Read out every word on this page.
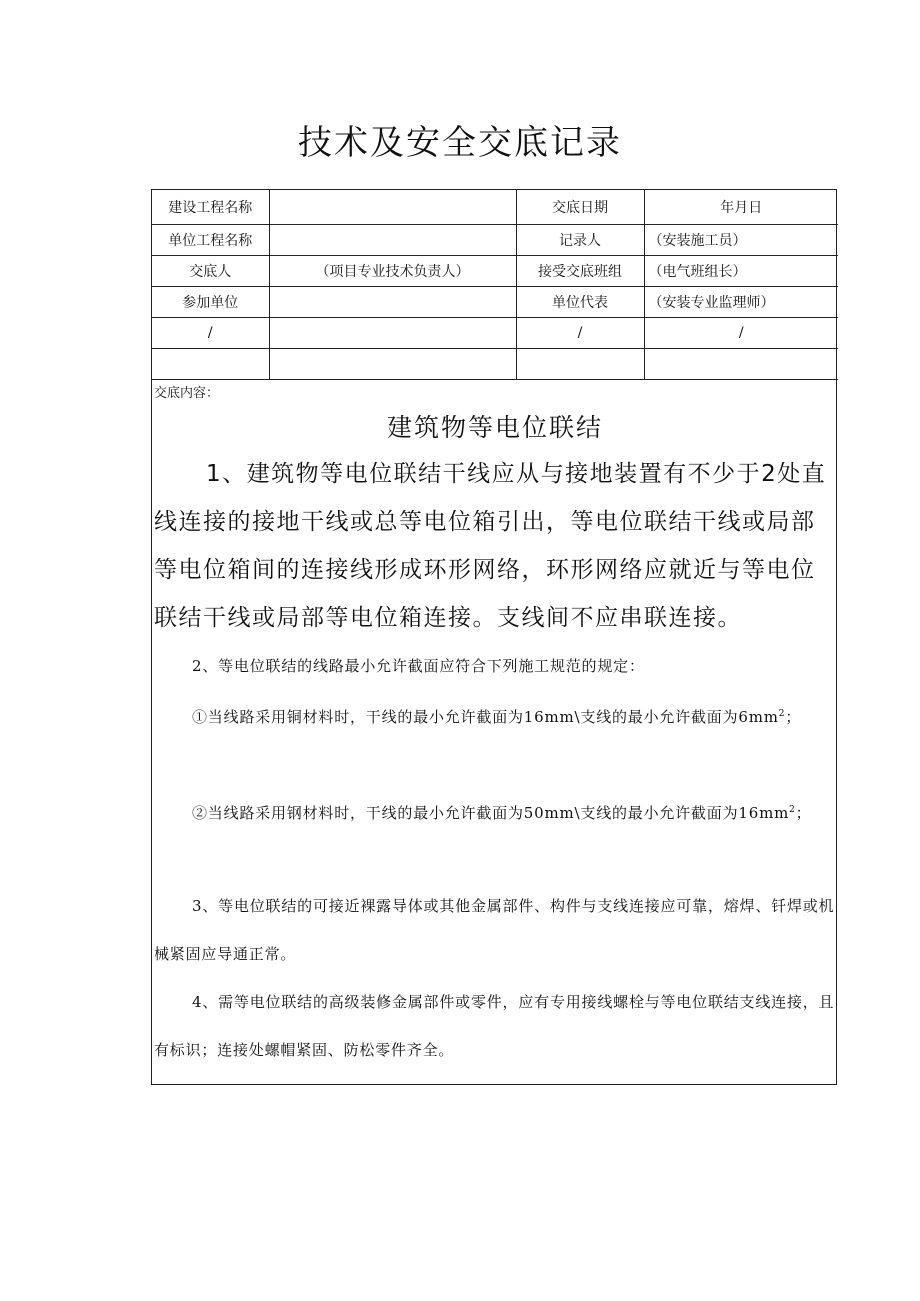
技术及安全交底记录
建设工程名称		交底日期	年月日
单位工程名称		记录人	（安装施工员）
交底人	（项目专业技术负责人）	接受交底班组	（电气班组长）
参加单位		单位代表	（安装专业监理师）
/		/	/

交底内容：
建筑物等电位联结

1、建筑物等电位联结干线应从与接地装置有不少于2处直线连接的接地干线或总等电位箱引出，等电位联结干线或局部等电位箱间的连接线形成环形网络，环形网络应就近与等电位联结干线或局部等电位箱连接。支线间不应串联连接。

2、等电位联结的线路最小允许截面应符合下列施工规范的规定：

①当线路采用铜材料时，干线的最小允许截面为16mm\支线的最小允许截面为$6mm^2$；

②当线路采用钢材料时，干线的最小允许截面为50mm\支线的最小允许截面为$16mm^2$；

3、等电位联结的可接近裸露导体或其他金属部件、构件与支线连接应可靠，熔焊、钎焊或机械紧固应导通正常。

4、需等电位联结的高级装修金属部件或零件，应有专用接线螺栓与等电位联结支线连接，且有标识；连接处螺帽紧固、防松零件齐全。
